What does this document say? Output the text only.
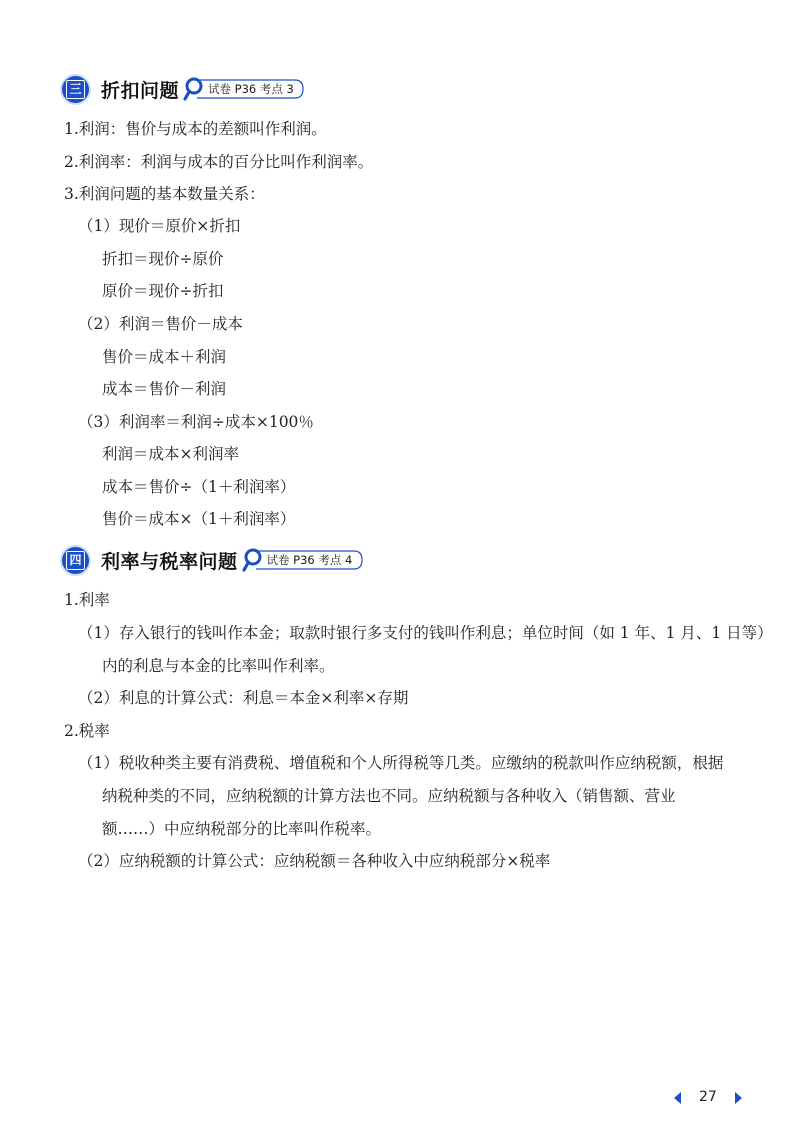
三 折扣问题	试卷 P36 考点 3
1.利润：售价与成本的差额叫作利润。
2.利润率：利润与成本的百分比叫作利润率。
3.利润问题的基本数量关系：
（1）现价＝原价×折扣
折扣＝现价÷原价
原价＝现价÷折扣
（2）利润＝售价－成本
售价＝成本＋利润
成本＝售价－利润
（3）利润率＝利润÷成本×100％
利润＝成本×利润率
成本＝售价÷（1＋利润率）
售价＝成本×（1＋利润率）
四 利率与税率问题	试卷 P36 考点 4
1.利率
（1）存入银行的钱叫作本金；取款时银行多支付的钱叫作利息；单位时间（如 1 年、1 月、1 日等）
内的利息与本金的比率叫作利率。
（2）利息的计算公式：利息＝本金×利率×存期
2.税率
（1）税收种类主要有消费税、增值税和个人所得税等几类。应缴纳的税款叫作应纳税额，根据
纳税种类的不同，应纳税额的计算方法也不同。应纳税额与各种收入（销售额、营业
额……）中应纳税部分的比率叫作税率。
（2）应纳税额的计算公式：应纳税额＝各种收入中应纳税部分×税率
27
